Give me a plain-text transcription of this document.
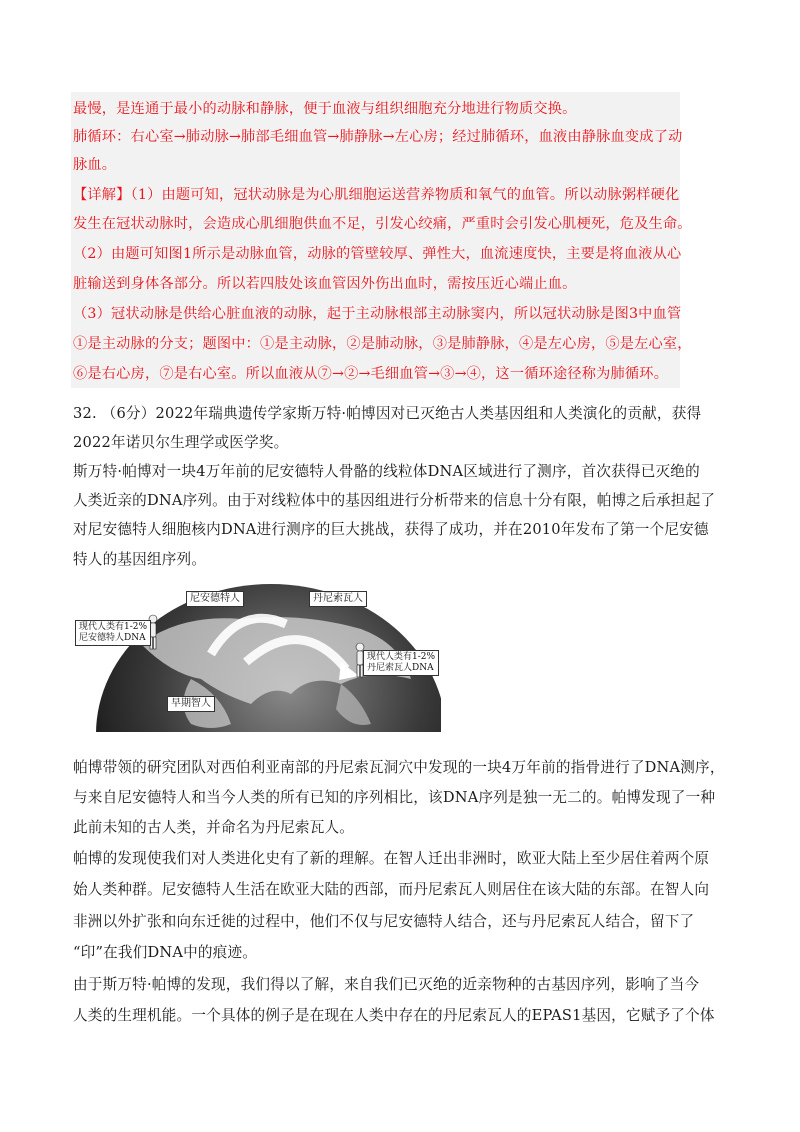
最慢，是连通于最小的动脉和静脉，便于血液与组织细胞充分地进行物质交换。
肺循环：右心室→肺动脉→肺部毛细血管→肺静脉→左心房；经过肺循环，血液由静脉血变成了动
脉血。
【详解】（1）由题可知，冠状动脉是为心肌细胞运送营养物质和氧气的血管。所以动脉粥样硬化
发生在冠状动脉时，会造成心肌细胞供血不足，引发心绞痛，严重时会引发心肌梗死，危及生命。
（2）由题可知图1所示是动脉血管，动脉的管壁较厚、弹性大，血流速度快，主要是将血液从心
脏输送到身体各部分。所以若四肢处该血管因外伤出血时，需按压近心端止血。
（3）冠状动脉是供给心脏血液的动脉，起于主动脉根部主动脉窦内，所以冠状动脉是图3中血管
①是主动脉的分支；题图中：①是主动脉，②是肺动脉，③是肺静脉，④是左心房，⑤是左心室，
⑥是右心房，⑦是右心室。所以血液从⑦→②→毛细血管→③→④，这一循环途径称为肺循环。
32. （6分）2022年瑞典遗传学家斯万特·帕博因对已灭绝古人类基因组和人类演化的贡献，获得
2022年诺贝尔生理学或医学奖。
斯万特·帕博对一块4万年前的尼安德特人骨骼的线粒体DNA区域进行了测序，首次获得已灭绝的
人类近亲的DNA序列。由于对线粒体中的基因组进行分析带来的信息十分有限，帕博之后承担起了
对尼安德特人细胞核内DNA进行测序的巨大挑战，获得了成功，并在2010年发布了第一个尼安德
特人的基因组序列。
尼安德特人	丹尼索瓦人
现代人类有1-2%
尼安德特人DNA
现代人类有1-2%
丹尼索瓦人DNA
早期智人
帕博带领的研究团队对西伯利亚南部的丹尼索瓦洞穴中发现的一块4万年前的指骨进行了DNA测序，
与来自尼安德特人和当今人类的所有已知的序列相比，该DNA序列是独一无二的。帕博发现了一种
此前未知的古人类，并命名为丹尼索瓦人。
帕博的发现使我们对人类进化史有了新的理解。在智人迁出非洲时，欧亚大陆上至少居住着两个原
始人类种群。尼安德特人生活在欧亚大陆的西部，而丹尼索瓦人则居住在该大陆的东部。在智人向
非洲以外扩张和向东迁徙的过程中，他们不仅与尼安德特人结合，还与丹尼索瓦人结合，留下了
“印”在我们DNA中的痕迹。
由于斯万特·帕博的发现，我们得以了解，来自我们已灭绝的近亲物种的古基因序列，影响了当今
人类的生理机能。一个具体的例子是在现在人类中存在的丹尼索瓦人的EPAS1基因，它赋予了个体
